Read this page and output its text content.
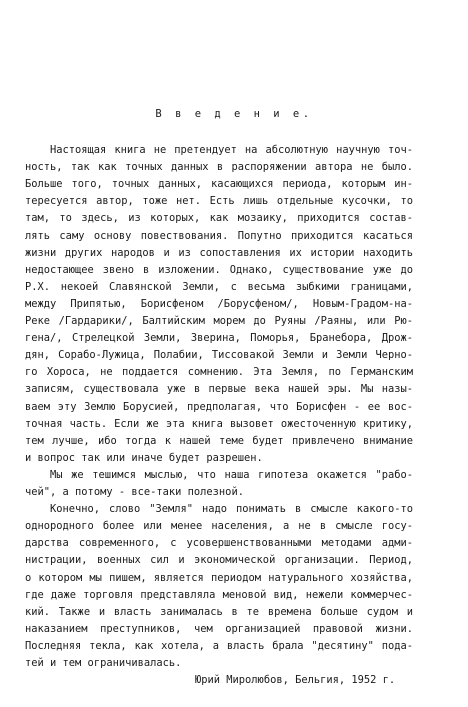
В в е д е н и е.
Настоящая книга не претендует на абсолютную научную точ-
ность, так как точных данных в распоряжении автора не было.
Больше того, точных данных, касающихся периода, которым ин-
тересуется автор, тоже нет. Есть лишь отдельные кусочки, то
там, то здесь, из которых, как мозаику, приходится состав-
лять саму основу повествования. Попутно приходится касаться
жизни других народов и из сопоставления их истории находить
недостающее звено в изложении. Однако, существование уже до
Р.Х. некоей Славянской Земли, с весьма зыбкими границами,
между Припятью, Борисфеном /Борусфеном/, Новым-Градом-на-
Реке /Гардарики/, Балтийским морем до Руяны /Раяны, или Рю-
гена/, Стрелецкой Земли, Зверина, Поморья, Бранебора, Дрож-
дян, Сорабо-Лужица, Полабии, Тиссовакой Земли и Земли Черно-
го Хороса, не поддается сомнению. Эта Земля, по Германским
записям, существовала уже в первые века нашей эры. Мы назы-
ваем эту Землю Борусией, предполагая, что Борисфен - ее вос-
точная часть. Если же эта книга вызовет ожесточенную критику,
тем лучше, ибо тогда к нашей теме будет привлечено внимание
и вопрос так или иначе будет разрешен.
Мы же тешимся мыслью, что наша гипотеза окажется "рабо-
чей", а потому - все-таки полезной.
Конечно, слово "Земля" надо понимать в смысле какого-то
однородного более или менее населения, а не в смысле госу-
дарства современного, с усовершенствованными методами адми-
нистрации, военных сил и экономической организации. Период,
о котором мы пишем, является периодом натурального хозяйства,
где даже торговля представляла меновой вид, нежели коммерчес-
кий. Также и власть занималась в те времена больше судом и
наказанием преступников, чем организацией правовой жизни.
Последняя текла, как хотела, а власть брала "десятину" пода-
тей и тем ограничивалась.
Юрий Миролюбов, Бельгия, 1952 г.
